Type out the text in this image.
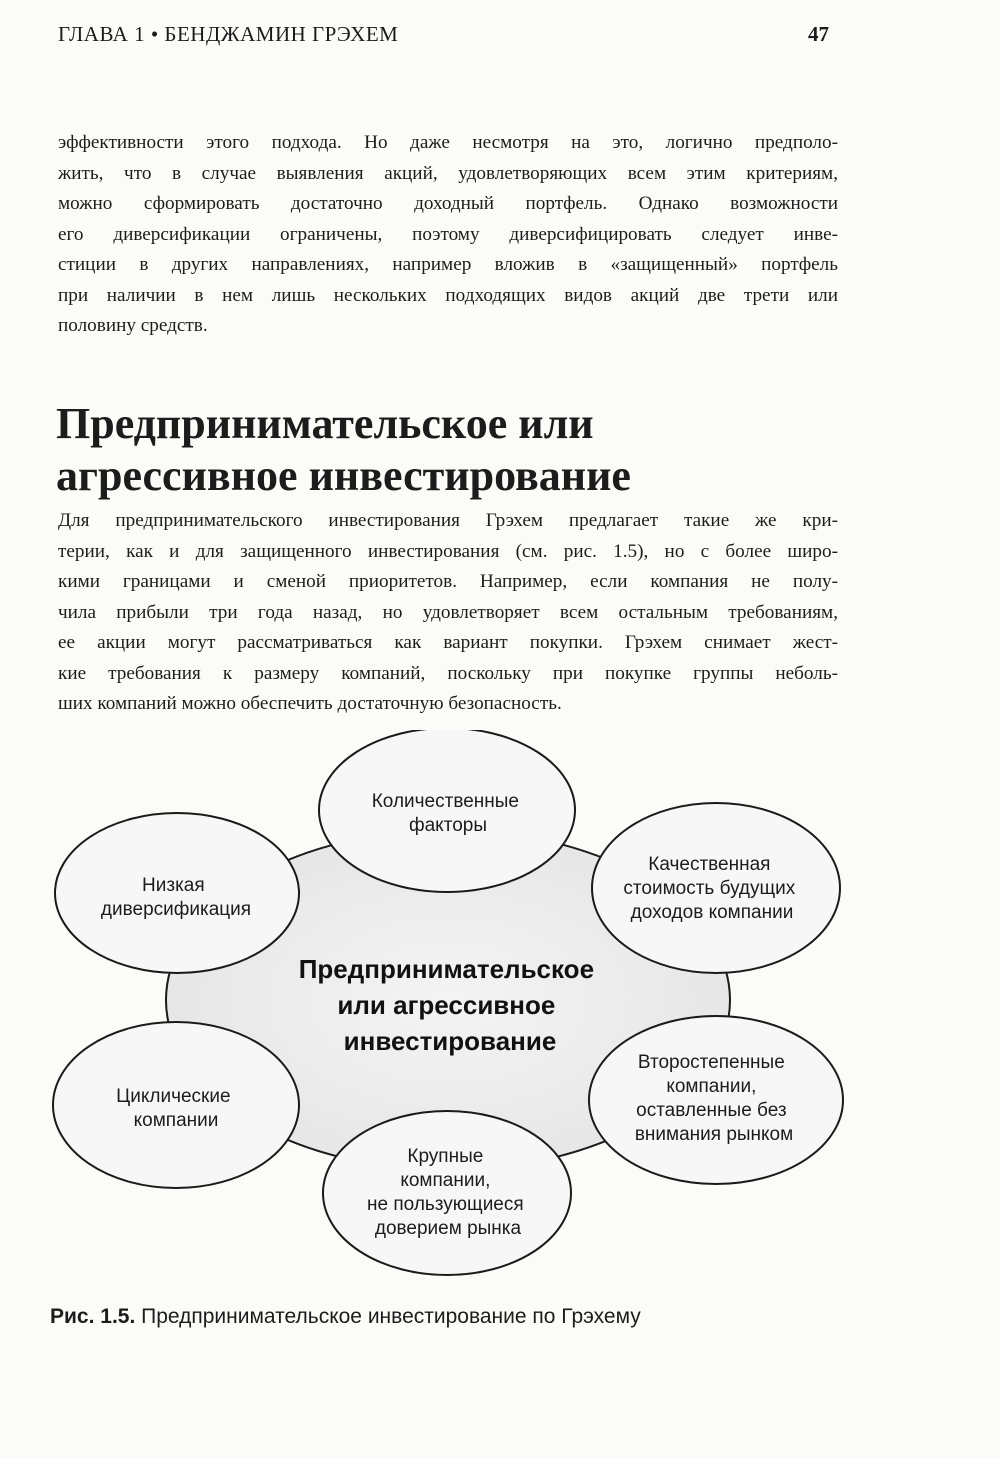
ГЛАВА 1 • БЕНДЖАМИН ГРЭХЕМ	47

эффективности этого подхода. Но даже несмотря на это, логично предполо-
жить, что в случае выявления акций, удовлетворяющих всем этим критериям,
можно сформировать достаточно доходный портфель. Однако возможности
его диверсификации ограничены, поэтому диверсифицировать следует инве-
стиции в других направлениях, например вложив в «защищенный» портфель
при наличии в нем лишь нескольких подходящих видов акций две трети или
половину средств.

Предпринимательское или
агрессивное инвестирование

Для предпринимательского инвестирования Грэхем предлагает такие же кри-
терии, как и для защищенного инвестирования (см. рис. 1.5), но с более широ-
кими границами и сменой приоритетов. Например, если компания не полу-
чила прибыли три года назад, но удовлетворяет всем остальным требованиям,
ее акции могут рассматриваться как вариант покупки. Грэхем снимает жест-
кие требования к размеру компаний, поскольку при покупке группы неболь-
ших компаний можно обеспечить достаточную безопасность.

Предпринимательское или агрессивное инвестирование
Количественные факторы
Качественная стоимость будущих доходов компании
Второстепенные компании, оставленные без внимания рынком
Крупные компании, не пользующиеся доверием рынка
Циклические компании
Низкая диверсификация

Рис. 1.5. Предпринимательское инвестирование по Грэхему
